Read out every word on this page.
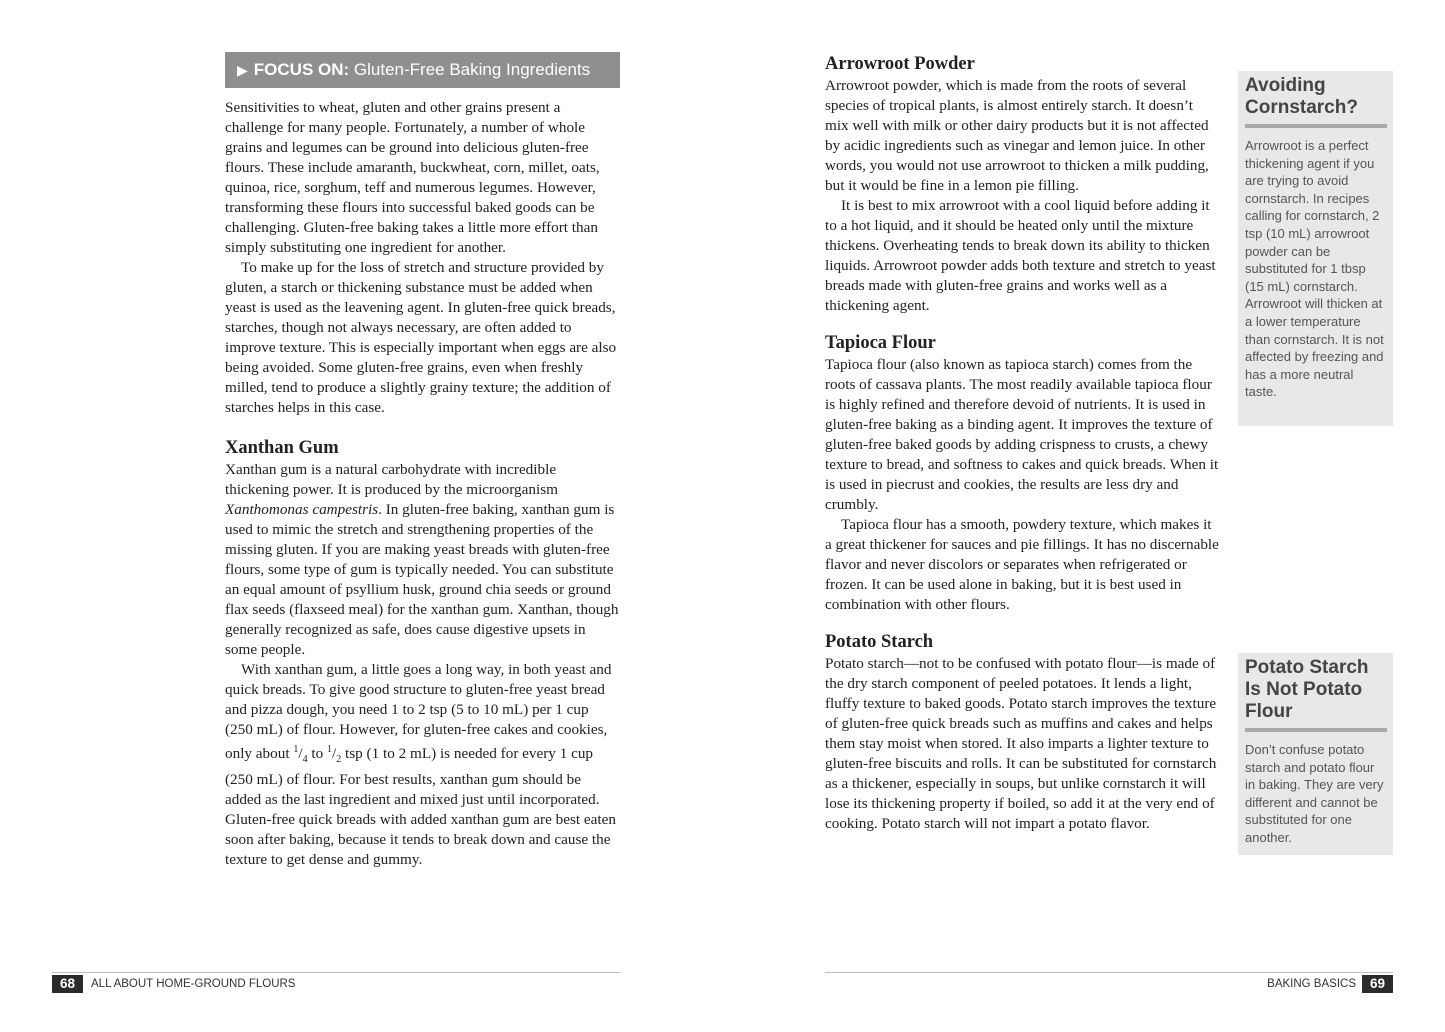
▶ FOCUS ON: Gluten-Free Baking Ingredients

Sensitivities to wheat, gluten and other grains present a challenge for many people. Fortunately, a number of whole grains and legumes can be ground into delicious gluten-free flours. These include amaranth, buckwheat, corn, millet, oats, quinoa, rice, sorghum, teff and numerous legumes. However, transforming these flours into successful baked goods can be challenging. Gluten-free baking takes a little more effort than simply substituting one ingredient for another.

To make up for the loss of stretch and structure provided by gluten, a starch or thickening substance must be added when yeast is used as the leavening agent. In gluten-free quick breads, starches, though not always necessary, are often added to improve texture. This is especially important when eggs are also being avoided. Some gluten-free grains, even when freshly milled, tend to produce a slightly grainy texture; the addition of starches helps in this case.

Xanthan Gum

Xanthan gum is a natural carbohydrate with incredible thickening power. It is produced by the microorganism Xanthomonas campestris. In gluten-free baking, xanthan gum is used to mimic the stretch and strengthening properties of the missing gluten. If you are making yeast breads with gluten-free flours, some type of gum is typically needed. You can substitute an equal amount of psyllium husk, ground chia seeds or ground flax seeds (flaxseed meal) for the xanthan gum. Xanthan, though generally recognized as safe, does cause digestive upsets in some people.

With xanthan gum, a little goes a long way, in both yeast and quick breads. To give good structure to gluten-free yeast bread and pizza dough, you need 1 to 2 tsp (5 to 10 mL) per 1 cup (250 mL) of flour. However, for gluten-free cakes and cookies, only about $^1/_4$ to $^1/_2$ tsp (1 to 2 mL) is needed for every 1 cup (250 mL) of flour. For best results, xanthan gum should be added as the last ingredient and mixed just until incorporated. Gluten-free quick breads with added xanthan gum are best eaten soon after baking, because it tends to break down and cause the texture to get dense and gummy.

Arrowroot Powder

Arrowroot powder, which is made from the roots of several species of tropical plants, is almost entirely starch. It doesn’t mix well with milk or other dairy products but it is not affected by acidic ingredients such as vinegar and lemon juice. In other words, you would not use arrowroot to thicken a milk pudding, but it would be fine in a lemon pie filling.

It is best to mix arrowroot with a cool liquid before adding it to a hot liquid, and it should be heated only until the mixture thickens. Overheating tends to break down its ability to thicken liquids. Arrowroot powder adds both texture and stretch to yeast breads made with gluten-free grains and works well as a thickening agent.

Tapioca Flour

Tapioca flour (also known as tapioca starch) comes from the roots of cassava plants. The most readily available tapioca flour is highly refined and therefore devoid of nutrients. It is used in gluten-free baking as a binding agent. It improves the texture of gluten-free baked goods by adding crispness to crusts, a chewy texture to bread, and softness to cakes and quick breads. When it is used in piecrust and cookies, the results are less dry and crumbly.

Tapioca flour has a smooth, powdery texture, which makes it a great thickener for sauces and pie fillings. It has no discernable flavor and never discolors or separates when refrigerated or frozen. It can be used alone in baking, but it is best used in combination with other flours.

Potato Starch

Potato starch—not to be confused with potato flour—is made of the dry starch component of peeled potatoes. It lends a light, fluffy texture to baked goods. Potato starch improves the texture of gluten-free quick breads such as muffins and cakes and helps them stay moist when stored. It also imparts a lighter texture to gluten-free biscuits and rolls. It can be substituted for cornstarch as a thickener, especially in soups, but unlike cornstarch it will lose its thickening property if boiled, so add it at the very end of cooking. Potato starch will not impart a potato flavor.

Avoiding Cornstarch?
Arrowroot is a perfect thickening agent if you are trying to avoid cornstarch. In recipes calling for cornstarch, 2 tsp (10 mL) arrowroot powder can be substituted for 1 tbsp (15 mL) cornstarch. Arrowroot will thicken at a lower temperature than cornstarch. It is not affected by freezing and has a more neutral taste.
Potato Starch Is Not Potato Flour
Don’t confuse potato starch and potato flour in baking. They are very different and cannot be substituted for one another.
68	ALL ABOUT HOME-GROUND FLOURS	BAKING BASICS	69
